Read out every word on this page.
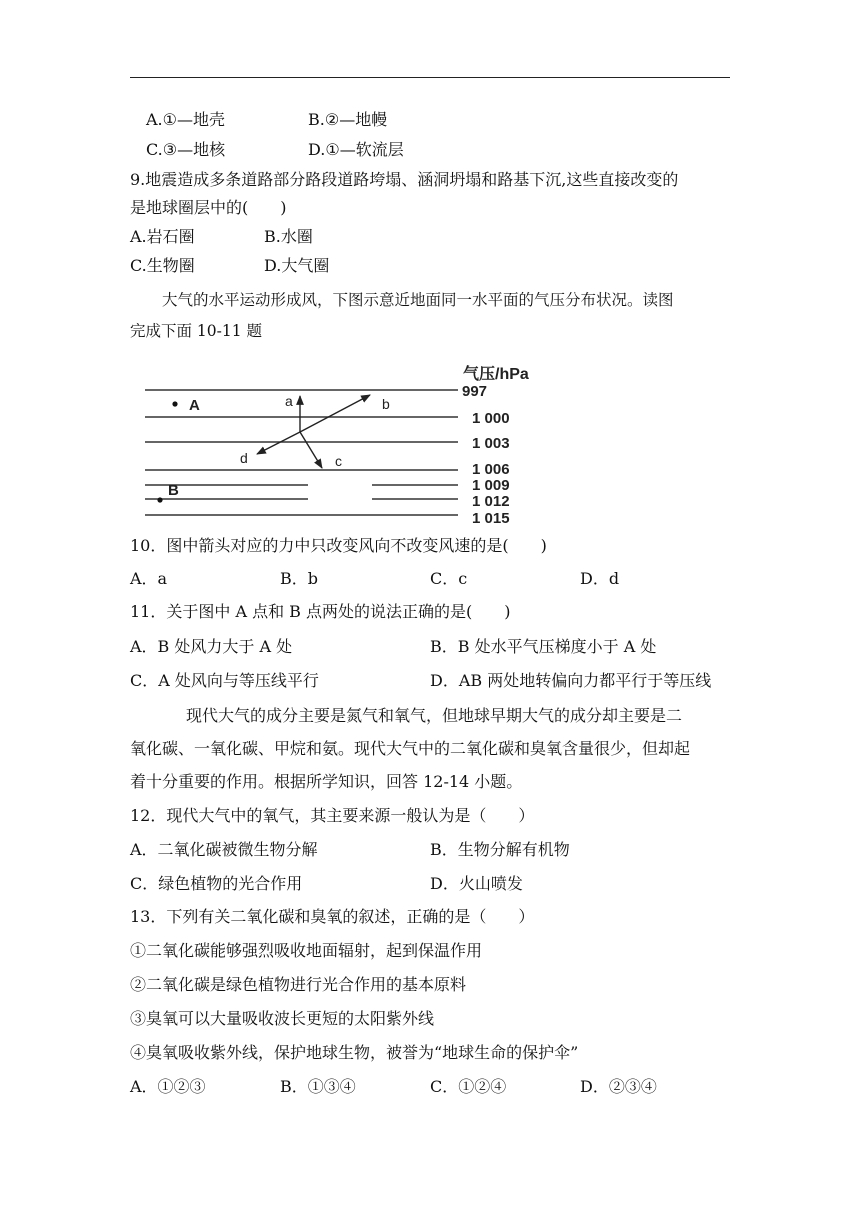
A.①—地壳	B.②—地幔
C.③—地核	D.①—软流层
9.地震造成多条道路部分路段道路垮塌、涵洞坍塌和路基下沉,这些直接改变的
是地球圈层中的(　　)
A.岩石圈	B.水圈
C.生物圈	D.大气圈
大气的水平运动形成风，下图示意近地面同一水平面的气压分布状况。读图
完成下面 10-11 题
气压/hPa
997
1 000
1 003
1 006
1 009
1 012
1 015
A
B
a	b
c
d
10．图中箭头对应的力中只改变风向不改变风速的是(　　)
A．a	B．b	C．c	D．d
11．关于图中 A 点和 B 点两处的说法正确的是(　　)
A．B 处风力大于 A 处	B．B 处水平气压梯度小于 A 处
C．A 处风向与等压线平行	D．AB 两处地转偏向力都平行于等压线
现代大气的成分主要是氮气和氧气，但地球早期大气的成分却主要是二
氧化碳、一氧化碳、甲烷和氨。现代大气中的二氧化碳和臭氧含量很少，但却起
着十分重要的作用。根据所学知识，回答 12-14 小题。
12．现代大气中的氧气，其主要来源一般认为是（　　）
A．二氧化碳被微生物分解	B．生物分解有机物
C．绿色植物的光合作用	D．火山喷发
13．下列有关二氧化碳和臭氧的叙述，正确的是（　　）
①二氧化碳能够强烈吸收地面辐射，起到保温作用
②二氧化碳是绿色植物进行光合作用的基本原料
③臭氧可以大量吸收波长更短的太阳紫外线
④臭氧吸收紫外线，保护地球生物，被誉为“地球生命的保护伞”
A．①②③	B．①③④	C．①②④	D．②③④
